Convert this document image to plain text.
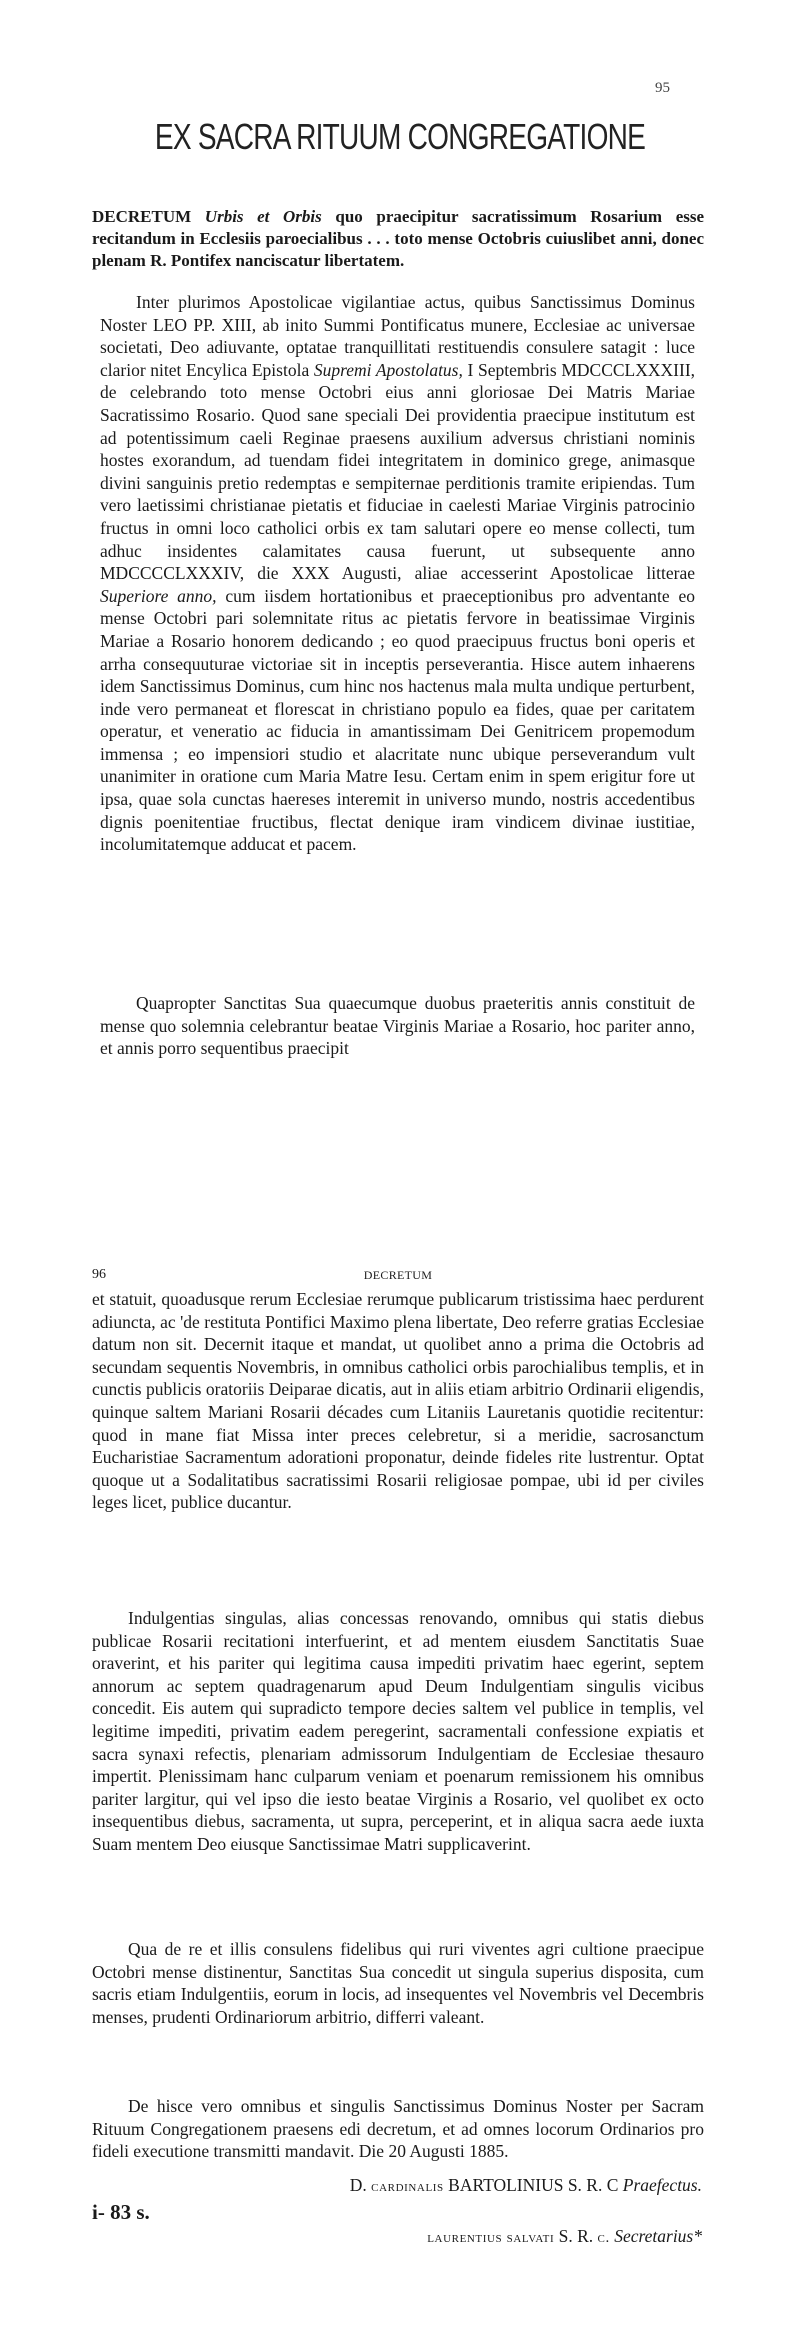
95
EX SACRA RITUUM CONGREGATIONE
DECRETUM Urbis et Orbis quo praecipitur sacratissimum Rosarium esse recitandum in Ecclesiis paroecialibus . . . toto mense Octobris cuiuslibet anni, donec plenam R. Pontifex nanciscatur libertatem.

Inter plurimos Apostolicae vigilantiae actus, quibus Sanctissimus Dominus Noster LEO PP. XIII, ab inito Summi Pontificatus munere, Ecclesiae ac universae societati, Deo adiuvante, optatae tranquillitati restituendis consulere satagit : luce clarior nitet Encylica Epistola Supremi Apostolatus, I Septembris MDCCCLXXXIII, de celebrando toto mense Octobri eius anni gloriosae Dei Matris Mariae Sacratissimo Rosario. Quod sane speciali Dei providentia praecipue institutum est ad potentissimum caeli Reginae praesens auxilium adversus christiani nominis hostes exorandum, ad tuendam fidei integritatem in dominico grege, animasque divini sanguinis pretio redemptas e sempiternae perditionis tramite eripiendas. Tum vero laetissimi christianae pietatis et fiduciae in caelesti Mariae Virginis patrocinio fructus in omni loco catholici orbis ex tam salutari opere eo mense collecti, tum adhuc insidentes calamitates causa fuerunt, ut subsequente anno MDCCCCLXXXIV, die XXX Augusti, aliae accesserint Apostolicae litterae Superiore anno, cum iisdem hortationibus et praeceptionibus pro adventante eo mense Octobri pari solemnitate ritus ac pietatis fervore in beatissimae Virginis Mariae a Rosario honorem dedicando ; eo quod praecipuus fructus boni operis et arrha consequuturae victoriae sit in inceptis perseverantia. Hisce autem inhaerens idem Sanctissimus Dominus, cum hinc nos hactenus mala multa undique perturbent, inde vero permaneat et florescat in christiano populo ea fides, quae per caritatem operatur, et veneratio ac fiducia in amantissimam Dei Genitricem propemodum immensa ; eo impensiori studio et alacritate nunc ubique perseverandum vult unanimiter in oratione cum Maria Matre Iesu. Certam enim in spem erigitur fore ut ipsa, quae sola cunctas haereses interemit in universo mundo, nostris accedentibus dignis poenitentiae fructibus, flectat denique iram vindicem divinae iustitiae, incolumitatemque adducat et pacem.

Quapropter Sanctitas Sua quaecumque duobus praeteritis annis constituit de mense quo solemnia celebrantur beatae Virginis Mariae a Rosario, hoc pariter anno, et annis porro sequentibus praecipit

96	DECRETUM

et statuit, quoadusque rerum Ecclesiae rerumque publicarum tristissima haec perdurent adiuncta, ac 'de restituta Pontifici Maximo plena libertate, Deo referre gratias Ecclesiae datum non sit. Decernit itaque et mandat, ut quolibet anno a prima die Octobris ad secundam sequentis Novembris, in omnibus catholici orbis parochialibus templis, et in cunctis publicis oratoriis Deiparae dicatis, aut in aliis etiam arbitrio Ordinarii eligendis, quinque saltem Mariani Rosarii décades cum Litaniis Lauretanis quotidie recitentur: quod in mane fiat Missa inter preces celebretur, si a meridie, sacrosanctum Eucharistiae Sacramentum adorationi proponatur, deinde fideles rite lustrentur. Optat quoque ut a Sodalitatibus sacratissimi Rosarii religiosae pompae, ubi id per civiles leges licet, publice ducantur.

Indulgentias singulas, alias concessas renovando, omnibus qui statis diebus publicae Rosarii recitationi interfuerint, et ad mentem eiusdem Sanctitatis Suae oraverint, et his pariter qui legitima causa impediti privatim haec egerint, septem annorum ac septem quadragenarum apud Deum Indulgentiam singulis vicibus concedit. Eis autem qui supradicto tempore decies saltem vel publice in templis, vel legitime impediti, privatim eadem peregerint, sacramentali confessione expiatis et sacra synaxi refectis, plenariam admissorum Indulgentiam de Ecclesiae thesauro impertit. Plenissimam hanc culparum veniam et poenarum remissionem his omnibus pariter largitur, qui vel ipso die iesto beatae Virginis a Rosario, vel quolibet ex octo insequentibus diebus, sacramenta, ut supra, perceperint, et in aliqua sacra aede iuxta Suam mentem Deo eiusque Sanctissimae Matri supplicaverint.

Qua de re et illis consulens fidelibus qui ruri viventes agri cultione praecipue Octobri mense distinentur, Sanctitas Sua concedit ut singula superius disposita, cum sacris etiam Indulgentiis, eorum in locis, ad insequentes vel Novembris vel Decembris menses, prudenti Ordinariorum arbitrio, differri valeant.

De hisce vero omnibus et singulis Sanctissimus Dominus Noster per Sacram Rituum Congregationem praesens edi decretum, et ad omnes locorum Ordinarios pro fideli executione transmitti mandavit. Die 20 Augusti 1885.

D. cardinalis BARTOLINIUS S. R. C Praefectus.
i- 83 s.
laurentius salvati S. R. c. Secretarius*
